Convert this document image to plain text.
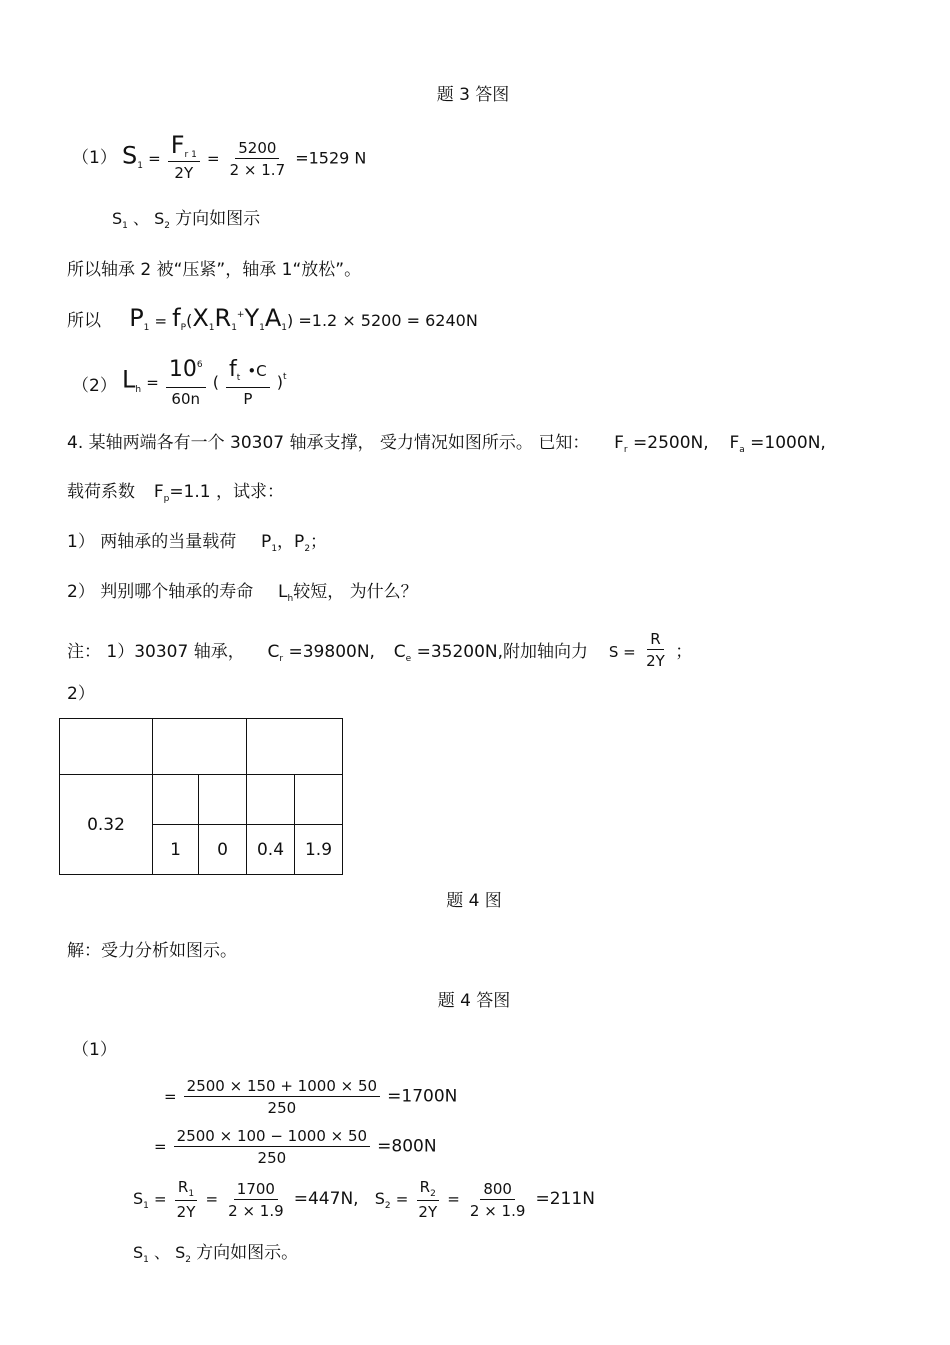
题 3 答图
（1） $S_1 = \frac{F_{r 1}}{2Y} = \frac{5200}{2 \times 1.7} =1529$ N
$S_1$ 、 $S_2$ 方向如图示
所以轴承 2 被“压紧”，轴承 1“放松”。
所以 $P_1 = f_P(X_1R_1^+Y_1A_1) =1.2 \times 5200 = 6240N$
（2） $L_h = \frac{10^6}{60n}$ ( $\frac{ft •C}{P} )^t$
4. 某轴两端各有一个 30307 轴承支撑， 受力情况如图所示。 已知： $F_r =2500N$, $F_a =1000N$,
载荷系数 $F_p=1.1$ ，试求：
1） 两轴承的当量载荷 $P_1$，$P_2$；
2） 判别哪个轴承的寿命 $L_h$较短， 为什么？
注： 1）30307 轴承， $C_r =39800N$, $C_e =35200N$,附加轴向力 $S = \frac{R}{2Y}$ ；
2）
0.32
1	0	0.4	1.9
题 4 图
解：受力分析如图示。
题 4 答图
（1）
= $\frac{2500 \times 150 + 1000 \times 50}{250} =1700N$
= $\frac{2500 \times 100 - 1000 \times 50}{250} =800N$
$S_1 = \frac{R_1}{2Y} = \frac{1700}{2 \times 1.9} =447N$, $S_2 = \frac{R_2}{2Y} = \frac{800}{2 \times 1.9} =211N$
$S_1$ 、 $S_2$ 方向如图示。
